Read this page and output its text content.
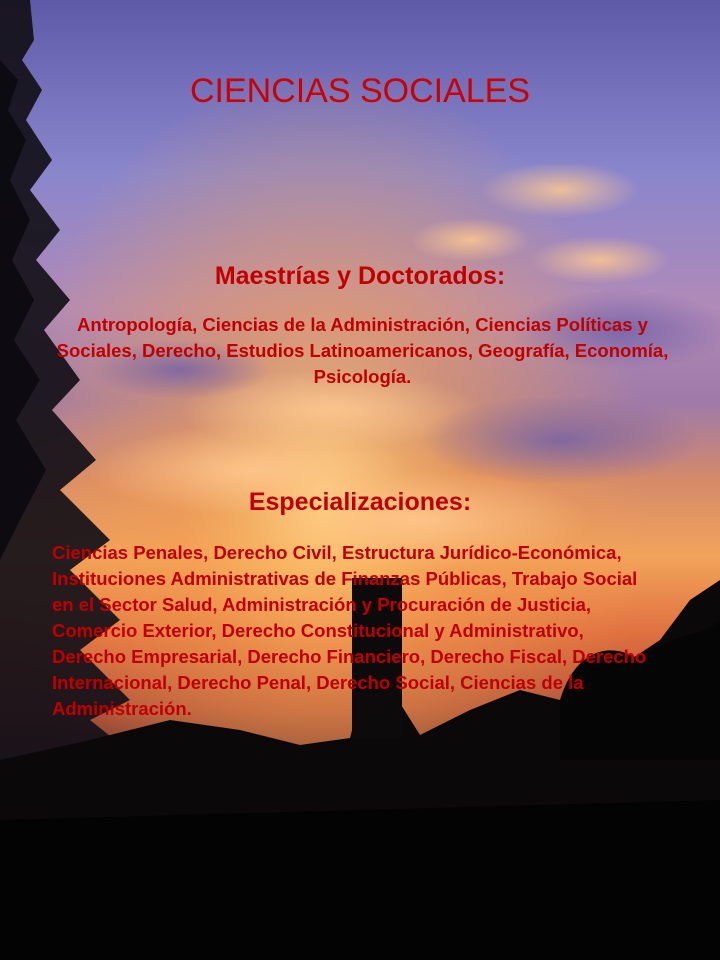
CIENCIAS SOCIALES
Maestrías y Doctorados:

Antropología, Ciencias de la Administración, Ciencias Políticas y Sociales, Derecho, Estudios Latinoamericanos, Geografía, Economía, Psicología.

Especializaciones:

Ciencias Penales, Derecho Civil, Estructura Jurídico-Económica, Instituciones Administrativas de Finanzas Públicas, Trabajo Social en el Sector Salud, Administración y Procuración de Justicia, Comercio Exterior, Derecho Constitucional y Administrativo, Derecho Empresarial, Derecho Financiero, Derecho Fiscal, Derecho Internacional, Derecho Penal, Derecho Social, Ciencias de la Administración.
